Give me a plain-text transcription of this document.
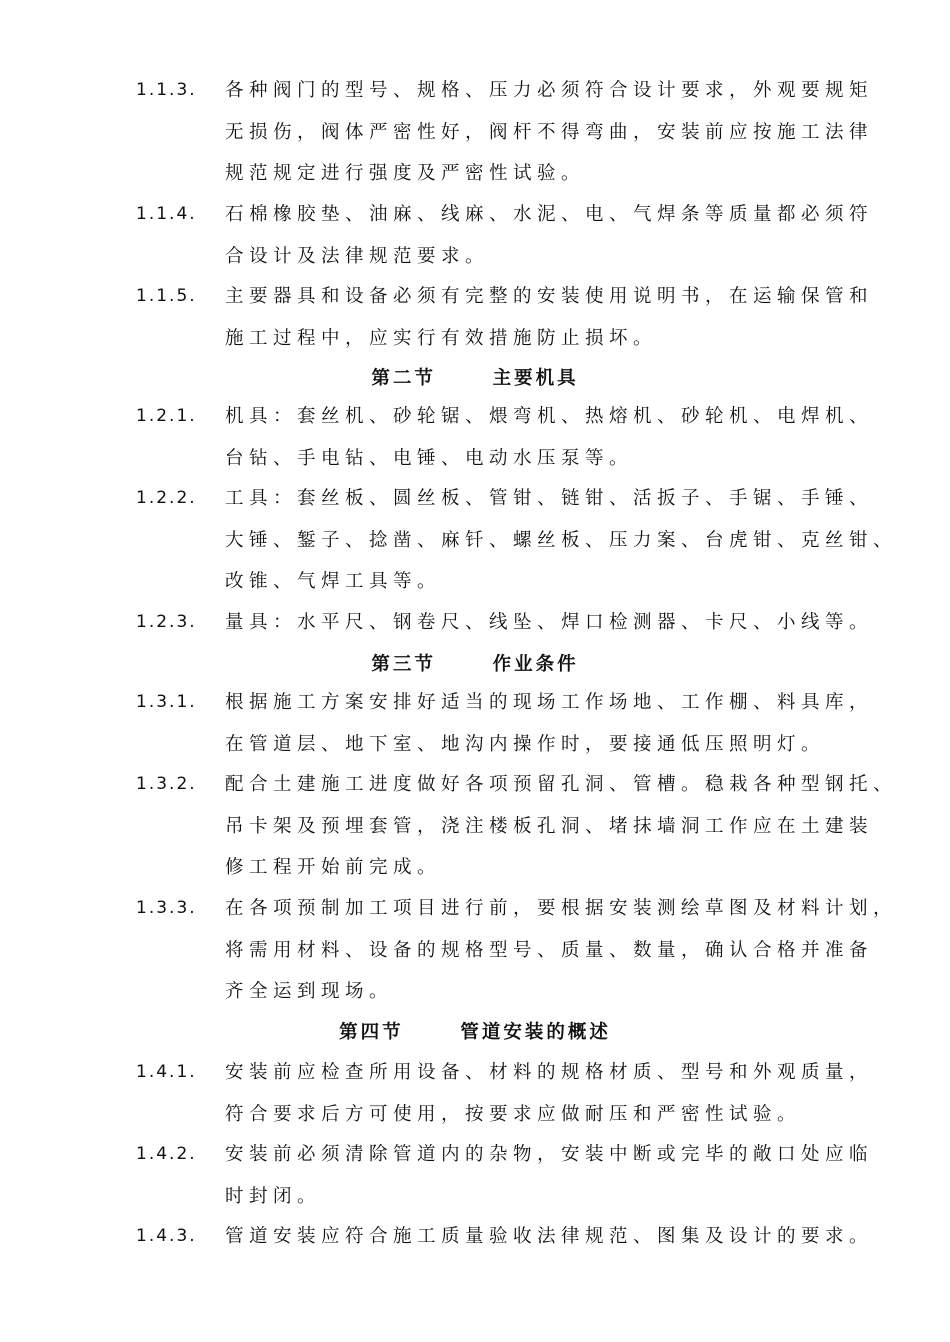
1.1.3. 各种阀门的型号、规格、压力必须符合设计要求，外观要规矩
无损伤，阀体严密性好，阀杆不得弯曲，安装前应按施工法律
规范规定进行强度及严密性试验。
1.1.4. 石棉橡胶垫、油麻、线麻、水泥、电、气焊条等质量都必须符
合设计及法律规范要求。
1.1.5. 主要器具和设备必须有完整的安装使用说明书，在运输保管和
施工过程中，应实行有效措施防止损坏。
第二节      主要机具
1.2.1. 机具：套丝机、砂轮锯、煨弯机、热熔机、砂轮机、电焊机、
台钻、手电钻、电锤、电动水压泵等。
1.2.2. 工具：套丝板、圆丝板、管钳、链钳、活扳子、手锯、手锤、
大锤、錾子、捻凿、麻钎、螺丝板、压力案、台虎钳、克丝钳、
改锥、气焊工具等。
1.2.3. 量具：水平尺、钢卷尺、线坠、焊口检测器、卡尺、小线等。
第三节      作业条件
1.3.1. 根据施工方案安排好适当的现场工作场地、工作棚、料具库，
在管道层、地下室、地沟内操作时，要接通低压照明灯。
1.3.2. 配合土建施工进度做好各项预留孔洞、管槽。稳栽各种型钢托、
吊卡架及预埋套管，浇注楼板孔洞、堵抹墙洞工作应在土建装
修工程开始前完成。
1.3.3. 在各项预制加工项目进行前，要根据安装测绘草图及材料计划，
将需用材料、设备的规格型号、质量、数量，确认合格并准备
齐全运到现场。
第四节      管道安装的概述
1.4.1. 安装前应检查所用设备、材料的规格材质、型号和外观质量，
符合要求后方可使用，按要求应做耐压和严密性试验。
1.4.2. 安装前必须清除管道内的杂物，安装中断或完毕的敞口处应临
时封闭。
1.4.3. 管道安装应符合施工质量验收法律规范、图集及设计的要求。
